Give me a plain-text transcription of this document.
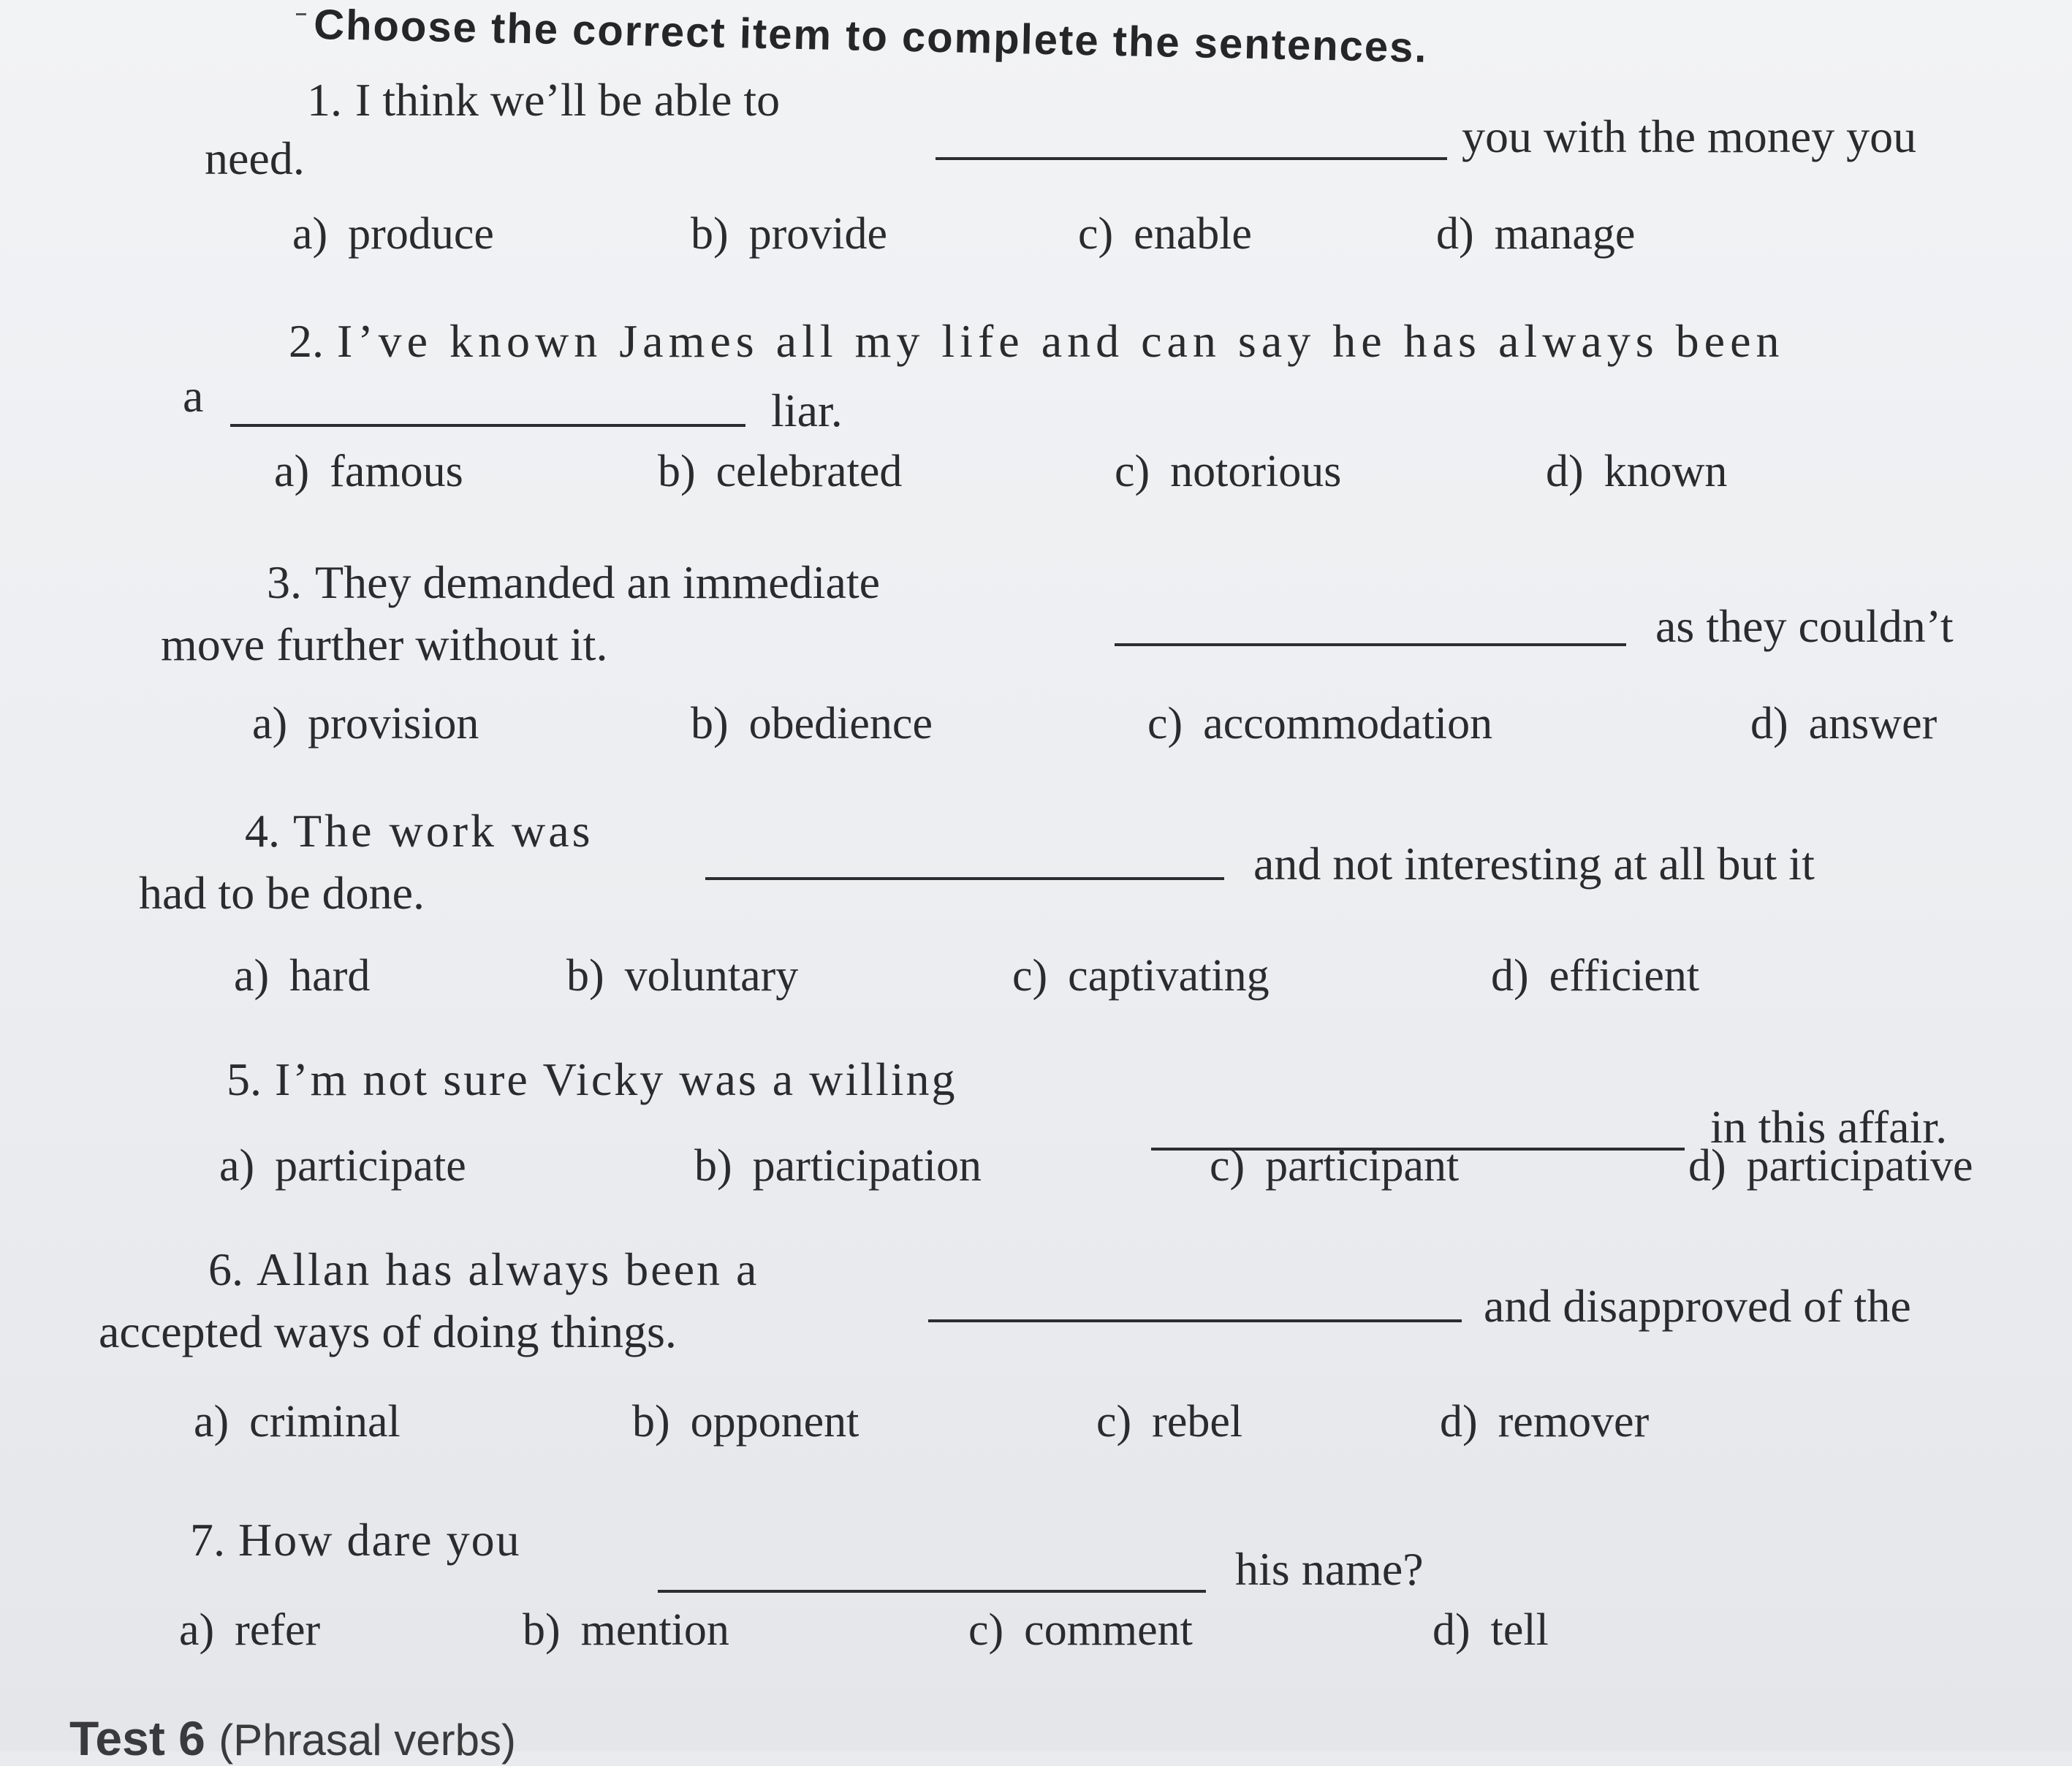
Choose the correct item to complete the sentences.
1. I think we’ll be able to
you with the money you
need.
a) produce	b) provide	c) enable	d) manage
2. I’ve known James all my life and can say he has always been
a	liar.
a) famous	b) celebrated	c) notorious	d) known
3. They demanded an immediate
as they couldn’t
move further without it.
a) provision	b) obedience	c) accommodation	d) answer
4. The work was
and not interesting at all but it
had to be done.
a) hard	b) voluntary	c) captivating	d) efficient
5. I’m not sure Vicky was a willing
in this affair.
a) participate	b) participation	c) participant	d) participative
6. Allan has always been a
and disapproved of the
accepted ways of doing things.
a) criminal	b) opponent	c) rebel	d) remover
7. How dare you
his name?
a) refer	b) mention	c) comment	d) tell
Test 6 (Phrasal verbs)
